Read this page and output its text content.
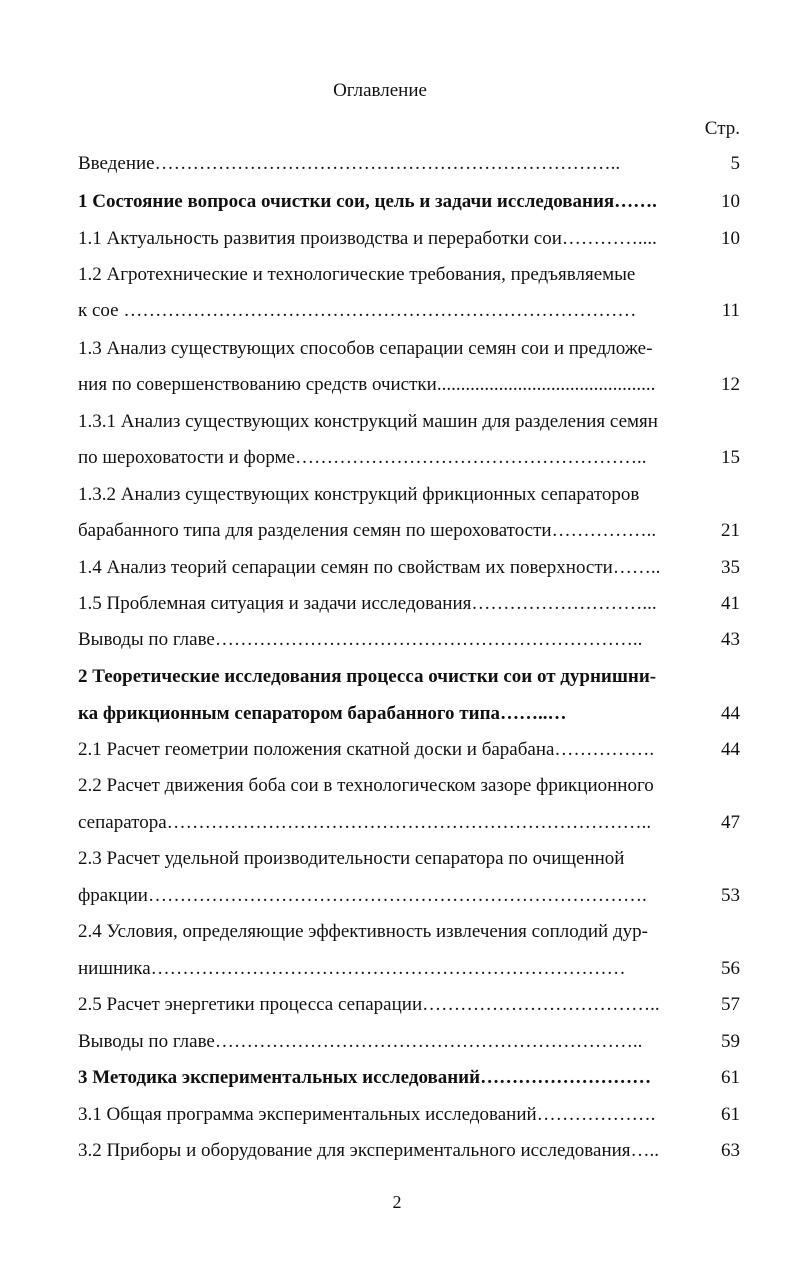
Оглавление
Стр.
Введение………………………………………………………………..	5
1 Состояние вопроса очистки сои, цель и задачи исследования…….	10
1.1 Актуальность развития производства и переработки сои…………....	10
1.2 Агротехнические и технологические требования, предъявляемые
к сое ………………………………………………………………………	11
1.3 Анализ существующих способов сепарации семян сои и предложе-
ния по совершенствованию средств очистки..............................................	12
1.3.1 Анализ существующих конструкций машин для разделения семян
по шероховатости и форме………………………………………………..	15
1.3.2 Анализ существующих конструкций фрикционных сепараторов
барабанного типа для разделения семян по шероховатости……………..	21
1.4 Анализ теорий сепарации семян по свойствам их поверхности……..	35
1.5 Проблемная ситуация и задачи исследования………………………...	41
Выводы по главе…………………………………………………………..	43
2 Теоретические исследования процесса очистки сои от дурнишни-
ка фрикционным сепаратором барабанного типа……..…	44
2.1 Расчет геометрии положения скатной доски и барабана…………….	44
2.2 Расчет движения боба сои в технологическом зазоре фрикционного
сепаратора…………………………………………………………………..	47
2.3 Расчет удельной производительности сепаратора по очищенной
фракции…………………………………………………………………….	53
2.4 Условия, определяющие эффективность извлечения соплодий дур-
нишника…………………………………………………………………	56
2.5 Расчет энергетики процесса сепарации………………………………..	57
Выводы по главе…………………………………………………………..	59
3 Методика экспериментальных исследований………………………	61
3.1 Общая программа экспериментальных исследований……………….	61
3.2 Приборы и оборудование для экспериментального исследования…..	63
2
